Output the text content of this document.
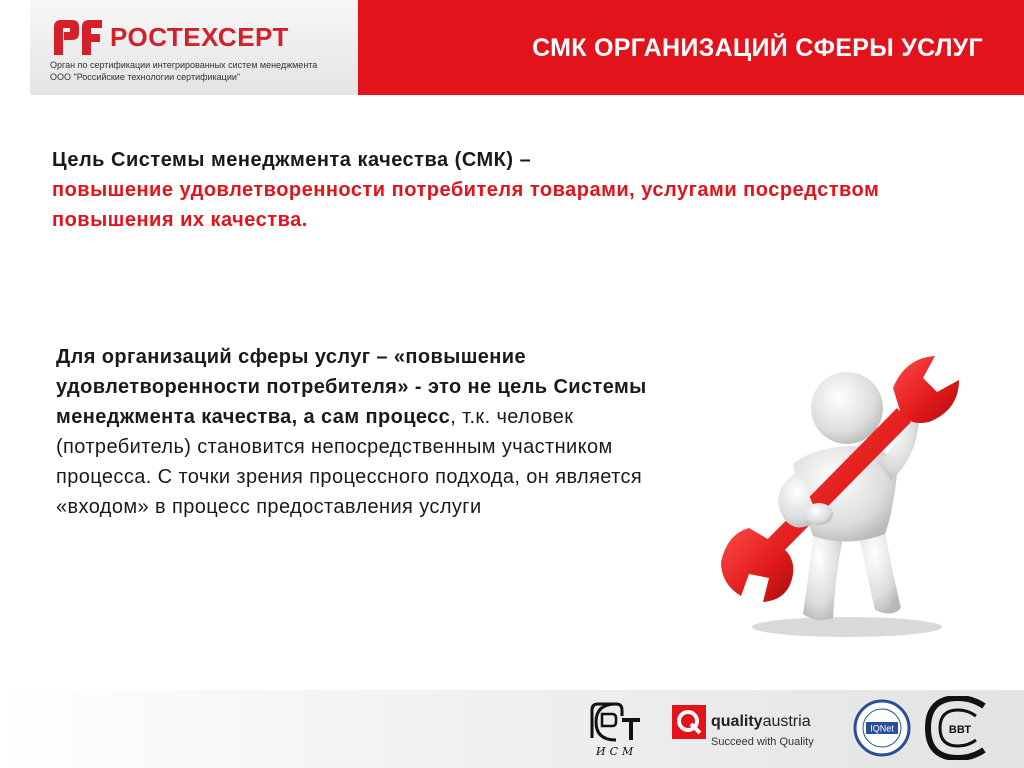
РОСТЕХСЕРТ
Орган по сертификации интегрированных систем менеджмента
ООО "Российские технологии сертификации"
СМК ОРГАНИЗАЦИЙ СФЕРЫ УСЛУГ
Цель Системы менеджмента качества (СМК) –
повышение удовлетворенности потребителя товарами, услугами посредством повышения их качества.
Для организаций сферы услуг – «повышение удовлетворенности потребителя» - это не цель Системы менеджмента качества, а сам процесс, т.к. человек (потребитель) становится непосредственным участником процесса. С точки зрения процессного подхода, он является «входом» в процесс предоставления услуги
ИСМ
qualityaustria
Succeed with Quality
IQNet	ВВТ
